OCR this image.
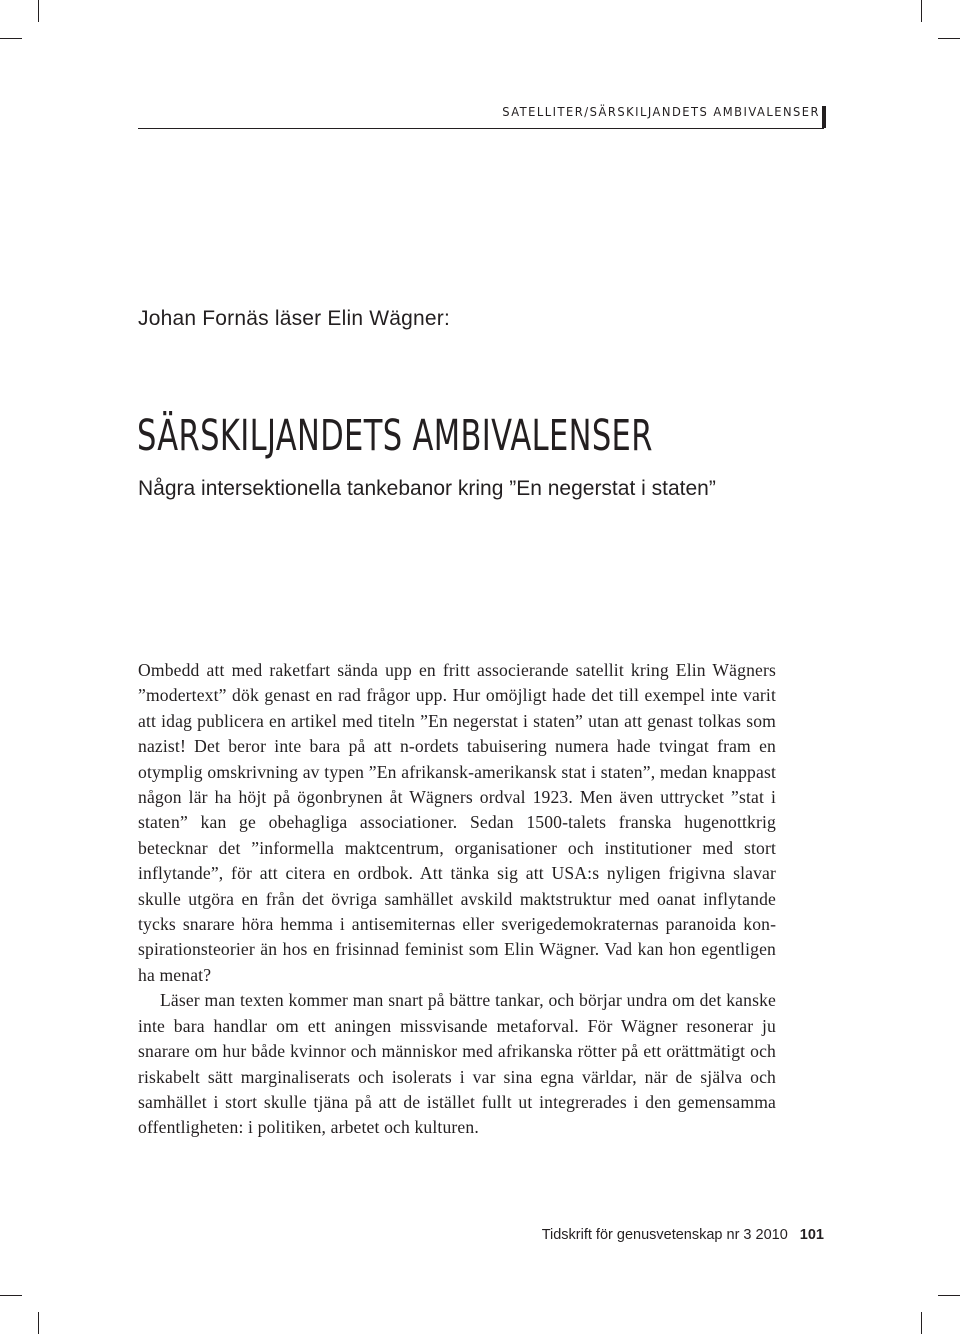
SATELLITER/SÄRSKILJANDETS AMBIVALENSER
Johan Fornäs läser Elin Wägner:
SÄRSKILJANDETS AMBIVALENSER
Några intersektionella tankebanor kring ”En negerstat i staten”

Ombedd att med raketfart sända upp en fritt associerande satellit kring Elin Wägners ”modertext” dök genast en rad frågor upp. Hur omöjligt hade det till exempel inte varit att idag publicera en artikel med titeln ”En negerstat i staten” utan att genast tolkas som nazist! Det beror inte bara på att n-ordets tabuisering numera hade tvingat fram en otymplig omskrivning av typen ”En afrikansk-amerikansk stat i staten”, medan knappast någon lär ha höjt på ögonbrynen åt Wägners ordval 1923. Men även uttrycket ”stat i staten” kan ge obehagliga associationer. Sedan 1500-talets franska hugenottkrig betecknar det ”informella maktcentrum, organisationer och institutioner med stort inflytande”, för att citera en ordbok. Att tänka sig att USA:s nyligen frigivna slavar skulle utgöra en från det övriga samhället avskild maktstruktur med oanat inflytande tycks snarare höra hemma i antisemiternas eller sverigedemokraternas paranoida konspirationsteorier än hos en frisinnad feminist som Elin Wägner. Vad kan hon egentligen ha menat?

Läser man texten kommer man snart på bättre tankar, och börjar undra om det kanske inte bara handlar om ett aningen missvisande metaforval. För Wägner resonerar ju snarare om hur både kvinnor och människor med afrikanska rötter på ett orättmätigt och riskabelt sätt marginaliserats och isolerats i var sina egna världar, när de själva och samhället i stort skulle tjäna på att de istället fullt ut integrerades i den gemensamma offentligheten: i politiken, arbetet och kulturen.

Tidskrift för genusvetenskap nr 3 2010 101
